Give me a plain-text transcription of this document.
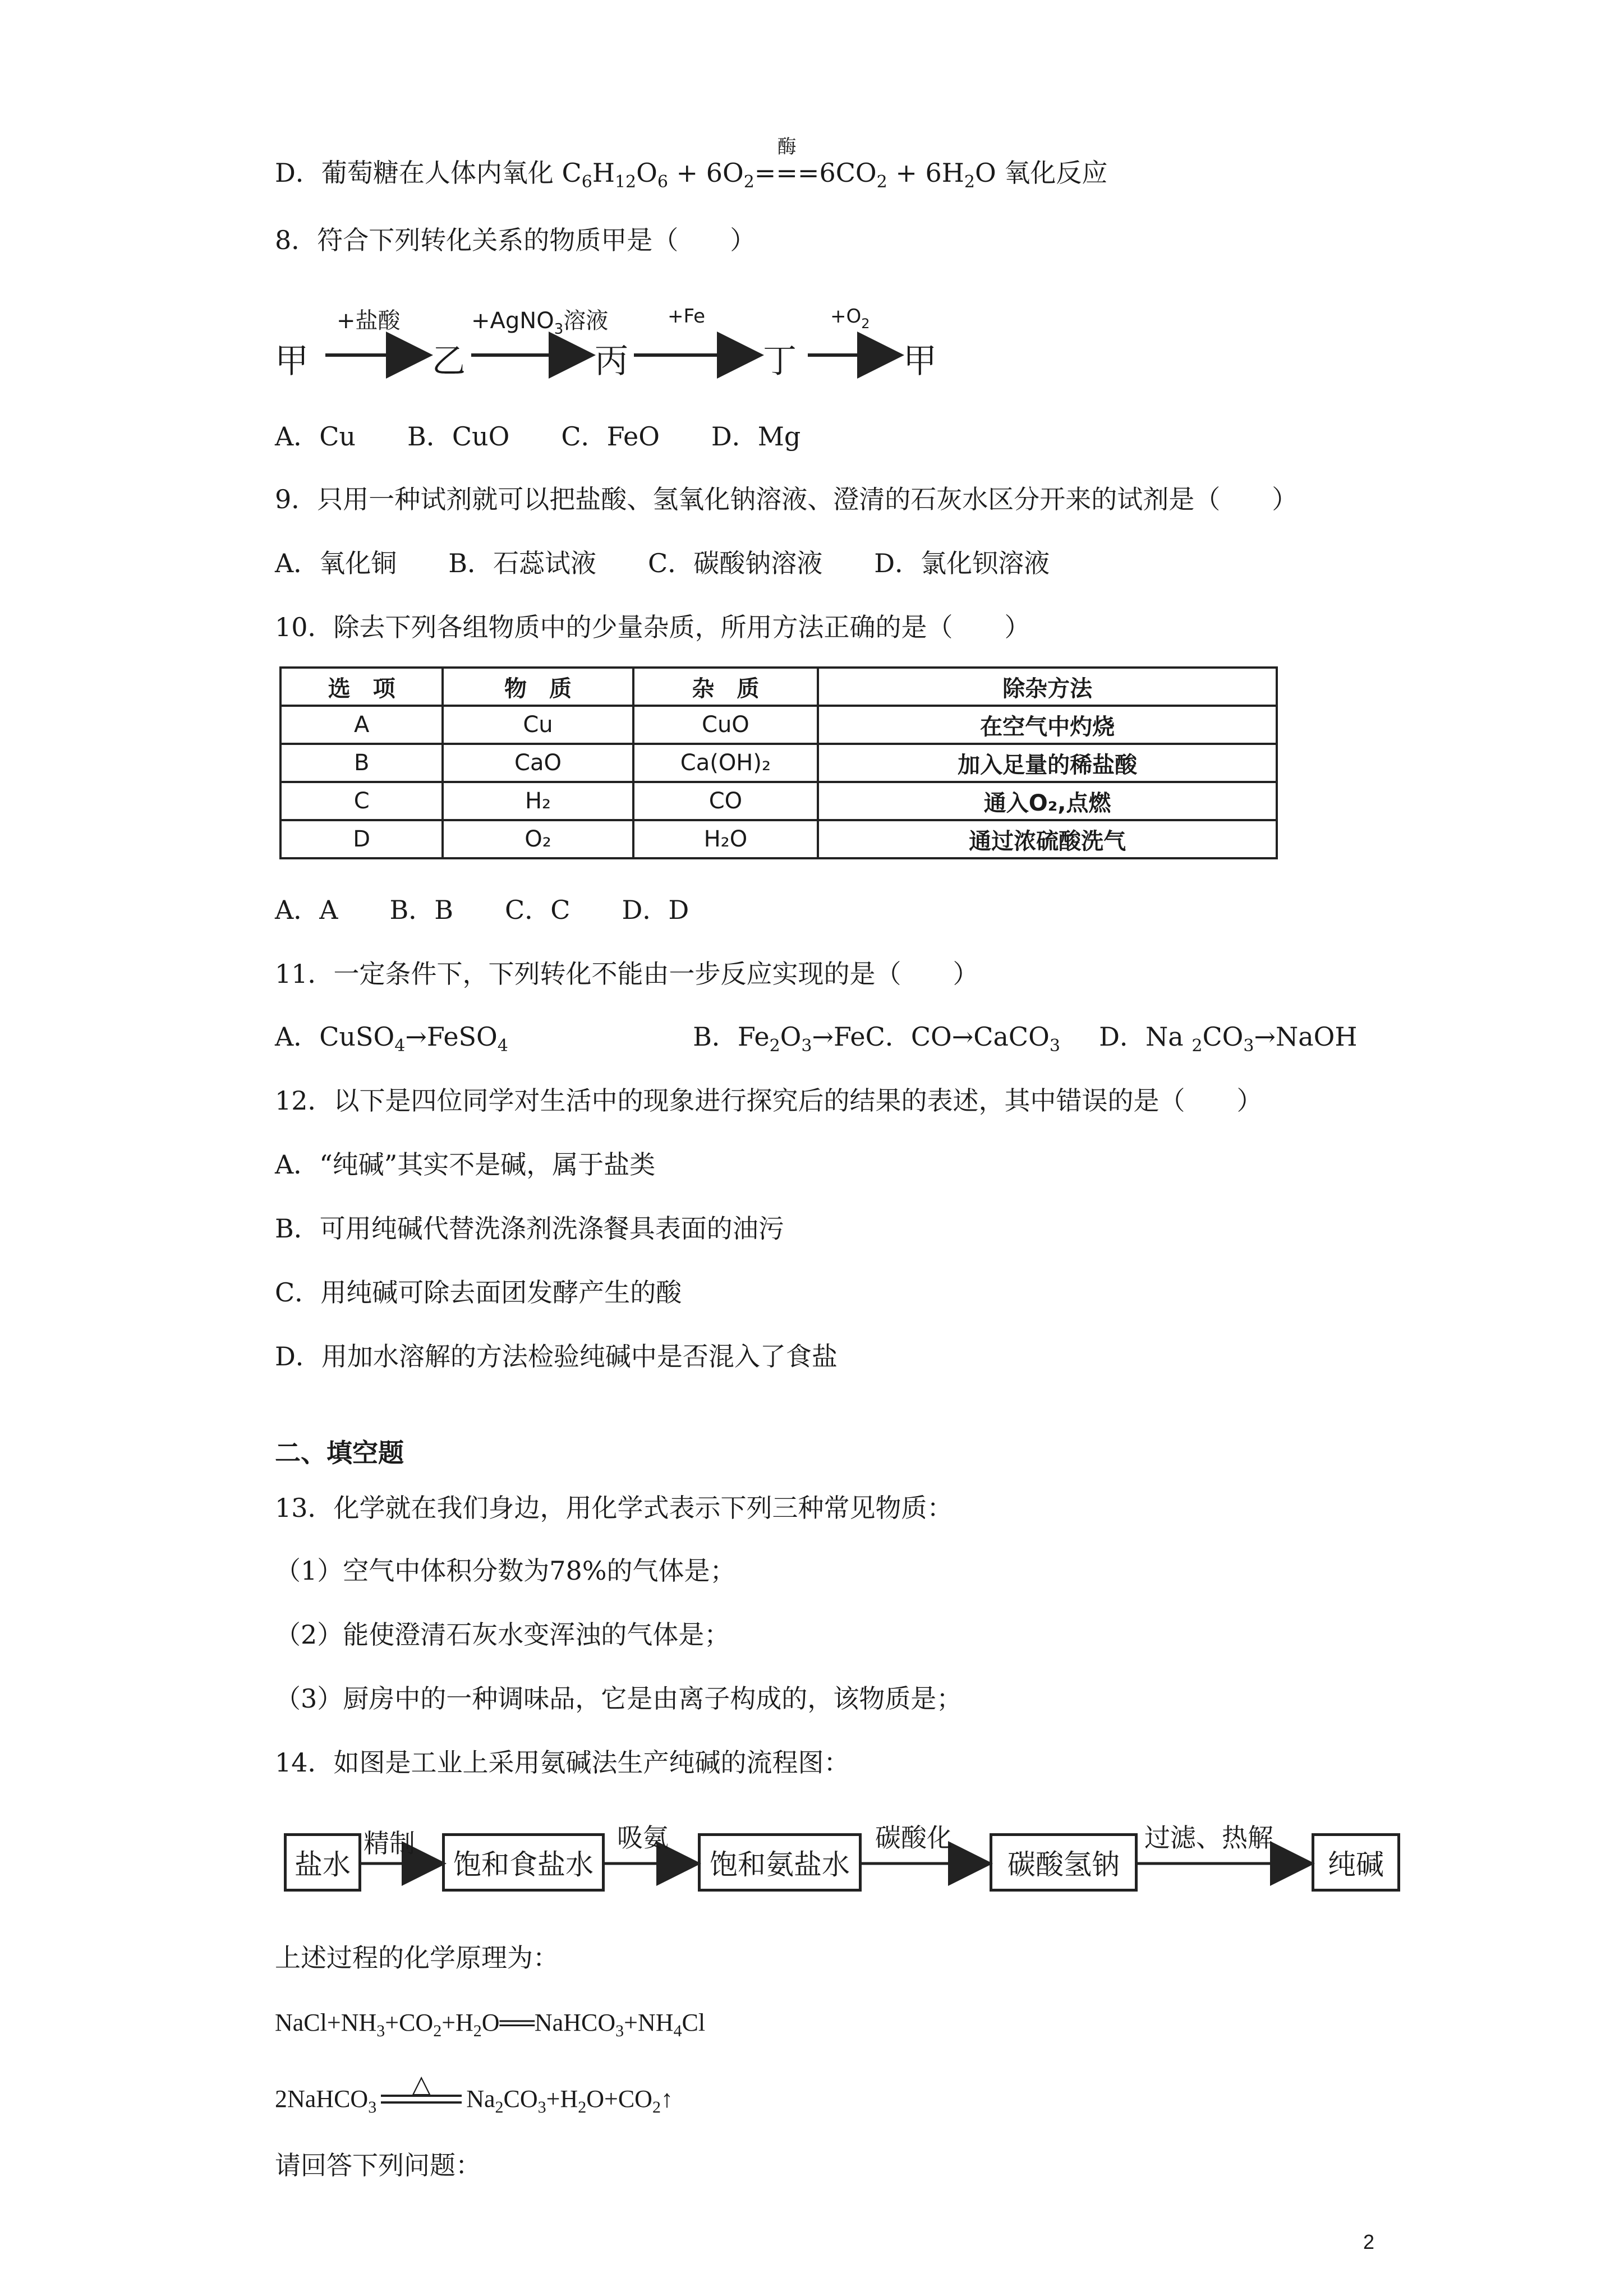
D．葡萄糖在人体内氧化 $C_6H_{12}O_6 + 6O_2$
酶
$===6CO_2 + 6H_2O$ 氧化反应
8．符合下列转化关系的物质甲是（　　）
甲	乙	丙	丁	甲
+盐酸	+AgNO$_3$溶液	+Fe	$+O_2$
A．Cu　　B．CuO　　C．FeO　　D．Mg
9．只用一种试剂就可以把盐酸、氢氧化钠溶液、澄清的石灰水区分开来的试剂是（　　）
A．氧化铜　　B．石蕊试液　　C．碳酸钠溶液　　D．氯化钡溶液
10．除去下列各组物质中的少量杂质，所用方法正确的是（　　）
选　项	物　质	杂　质	除杂方法
A	Cu	CuO	在空气中灼烧
B	CaO	Ca(OH)₂	加入足量的稀盐酸
C	H₂	CO	通入O₂,点燃
D	O₂	H₂O	通过浓硫酸洗气
A．A　　B．B　　C．C　　D．D
11．一定条件下，下列转化不能由一步反应实现的是（　　）
A．CuSO$_4$→FeSO$_4$	B．$Fe_2O_3\to FeC$．CO→CaCO$_3$ D．Na $_2CO_3\to NaOH$
12．以下是四位同学对生活中的现象进行探究后的结果的表述，其中错误的是（　　）
A．“纯碱”其实不是碱，属于盐类
B．可用纯碱代替洗涤剂洗涤餐具表面的油污
C．用纯碱可除去面团发酵产生的酸
D．用加水溶解的方法检验纯碱中是否混入了食盐
二、填空题
13．化学就在我们身边，用化学式表示下列三种常见物质：
（1）空气中体积分数为78%的气体是；
（2）能使澄清石灰水变浑浊的气体是；
（3）厨房中的一种调味品，它是由离子构成的，该物质是；
14．如图是工业上采用氨碱法生产纯碱的流程图：
盐水	饱和食盐水	饱和氨盐水	碳酸氢钠	纯碱
精制	吸氨	碳酸化	过滤、热解
上述过程的化学原理为：
$NaCl+NH_3+CO_2+H_2O══NaHCO_3+NH_4Cl$
2NaHCO$_3$
△
$Na_2CO_3+H_2O+CO_2↑$
请回答下列问题：
2
